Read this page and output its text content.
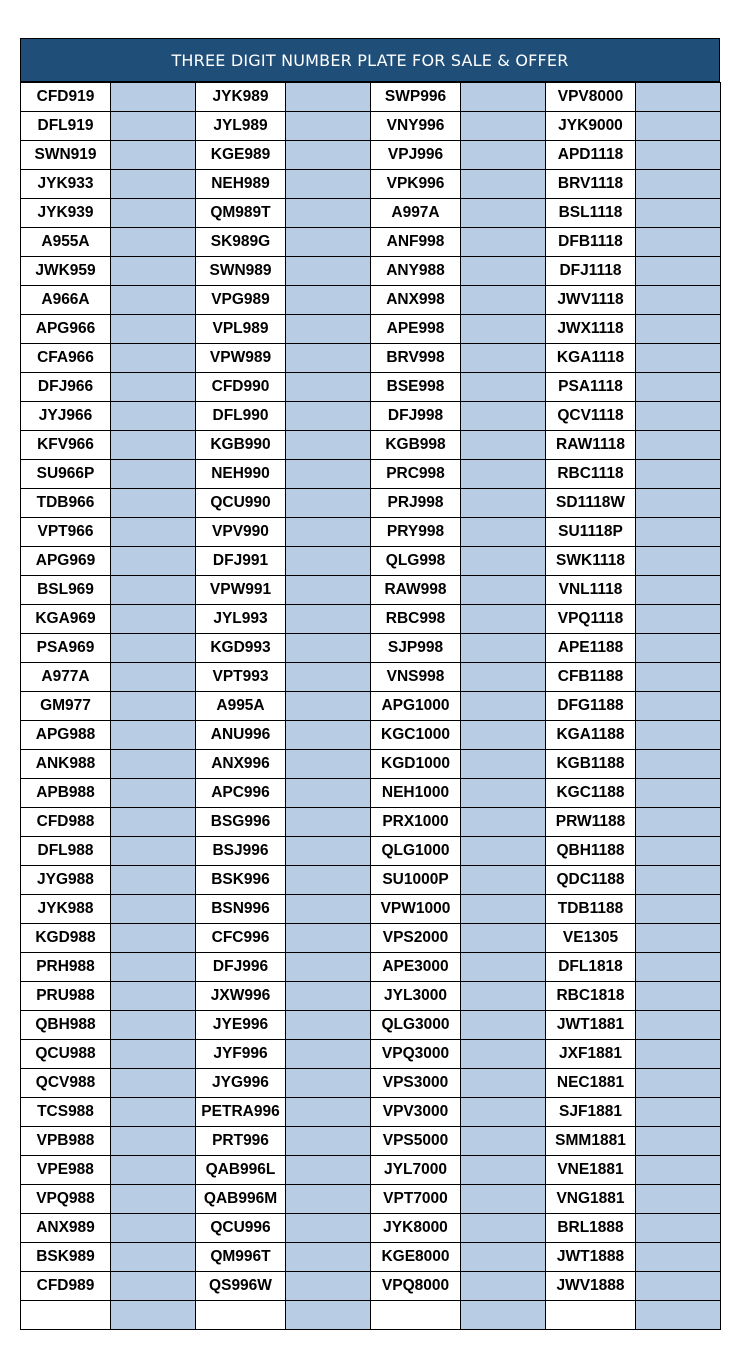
THREE DIGIT NUMBER PLATE FOR SALE & OFFER
CFD919		JYK989		SWP996		VPV8000	
DFL919		JYL989		VNY996		JYK9000	
SWN919		KGE989		VPJ996		APD1118	
JYK933		NEH989		VPK996		BRV1118	
JYK939		QM989T		A997A		BSL1118	
A955A		SK989G		ANF998		DFB1118	
JWK959		SWN989		ANY988		DFJ1118	
A966A		VPG989		ANX998		JWV1118	
APG966		VPL989		APE998		JWX1118	
CFA966		VPW989		BRV998		KGA1118	
DFJ966		CFD990		BSE998		PSA1118	
JYJ966		DFL990		DFJ998		QCV1118	
KFV966		KGB990		KGB998		RAW1118	
SU966P		NEH990		PRC998		RBC1118	
TDB966		QCU990		PRJ998		SD1118W	
VPT966		VPV990		PRY998		SU1118P	
APG969		DFJ991		QLG998		SWK1118	
BSL969		VPW991		RAW998		VNL1118	
KGA969		JYL993		RBC998		VPQ1118	
PSA969		KGD993		SJP998		APE1188	
A977A		VPT993		VNS998		CFB1188	
GM977		A995A		APG1000		DFG1188	
APG988		ANU996		KGC1000		KGA1188	
ANK988		ANX996		KGD1000		KGB1188	
APB988		APC996		NEH1000		KGC1188	
CFD988		BSG996		PRX1000		PRW1188	
DFL988		BSJ996		QLG1000		QBH1188	
JYG988		BSK996		SU1000P		QDC1188	
JYK988		BSN996		VPW1000		TDB1188	
KGD988		CFC996		VPS2000		VE1305	
PRH988		DFJ996		APE3000		DFL1818	
PRU988		JXW996		JYL3000		RBC1818	
QBH988		JYE996		QLG3000		JWT1881	
QCU988		JYF996		VPQ3000		JXF1881	
QCV988		JYG996		VPS3000		NEC1881	
TCS988		PETRA996		VPV3000		SJF1881	
VPB988		PRT996		VPS5000		SMM1881	
VPE988		QAB996L		JYL7000		VNE1881	
VPQ988		QAB996M		VPT7000		VNG1881	
ANX989		QCU996		JYK8000		BRL1888	
BSK989		QM996T		KGE8000		JWT1888	
CFD989		QS996W		VPQ8000		JWV1888	
